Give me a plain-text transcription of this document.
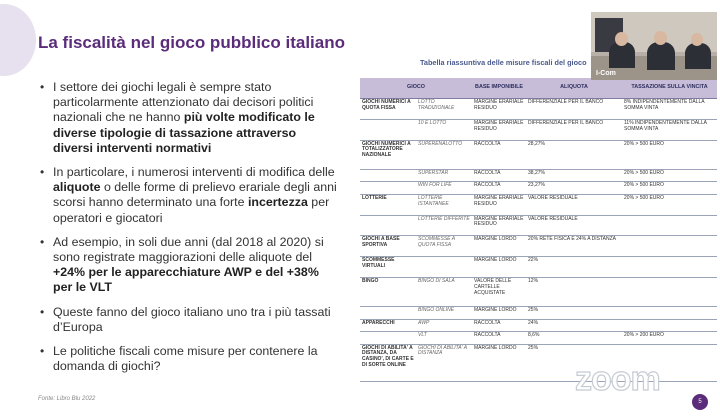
La fiscalità nel gioco pubblico italiano
• I settore dei giochi legali è sempre stato particolarmente attenzionato dai decisori politici nazionali che ne hanno più volte modificato le diverse tipologie di tassazione attraverso diversi interventi normativi
• In particolare, i numerosi interventi di modifica delle aliquote o delle forme di prelievo erariale degli anni scorsi hanno determinato una forte incertezza per operatori e giocatori
• Ad esempio, in soli due anni (dal 2018 al 2020) si sono registrate maggiorazioni delle aliquote del +24% per le apparecchiature AWP e del +38% per le VLT
• Queste fanno del gioco italiano uno tra i più tassati d’Europa
• Le politiche fiscali come misure per contenere la domanda di giochi?
Fonte: Libro Blu 2022
Tabella riassuntiva delle misure fiscali del gioco
GIOCO		BASE IMPONIBILE	ALIQUOTA	TASSAZIONE SULLA VINCITA
GIOCHI NUMERICI A QUOTA FISSA	LOTTO TRADIZIONALE	MARGINE ERARIALE RESIDUO	DIFFERENZIALE PER IL BANCO	8% INDIPENDENTEMENTE DALLA SOMMA VINTA
	10 E LOTTO	MARGINE ERARIALE RESIDUO	DIFFERENZIALE PER IL BANCO	11% INDIPENDENTEMENTE DALLA SOMMA VINTA
GIOCHI NUMERICI A TOTALIZZATORE NAZIONALE	SUPERENALOTTO	RACCOLTA	28,27%	20% > 500 EURO
	SUPERSTAR	RACCOLTA	38,27%	20% > 500 EURO
	WIN FOR LIFE	RACCOLTA	23,27%	20% > 500 EURO
LOTTERIE	LOTTERIE ISTANTANEE	MARGINE ERARIALE RESIDUO	VALORE RESIDUALE	20% > 500 EURO
	LOTTERIE DIFFERITE	MARGINE ERARIALE RESIDUO	VALORE RESIDUALE	
GIOCHI A BASE SPORTIVA	SCOMMESSE A QUOTA FISSA	MARGINE LORDO	20% RETE FISICA E 24% A DISTANZA	
SCOMMESSE VIRTUALI		MARGINE LORDO	22%	
BINGO	BINGO DI SALA	VALORE DELLE CARTELLE ACQUISTATE	12%	
	BINGO ONLINE	MARGINE LORDO	25%	
APPARECCHI	AWP	RACCOLTA	24%	
	VLT	RACCOLTA	8,6%	20% > 200 EURO
GIOCHI DI ABILITA' A DISTANZA, DA CASINO', DI CARTE E DI SORTE ONLINE	GIOCHI DI ABILITA' A DISTANZA	MARGINE LORDO	25%	
I-Com
zoom
5
